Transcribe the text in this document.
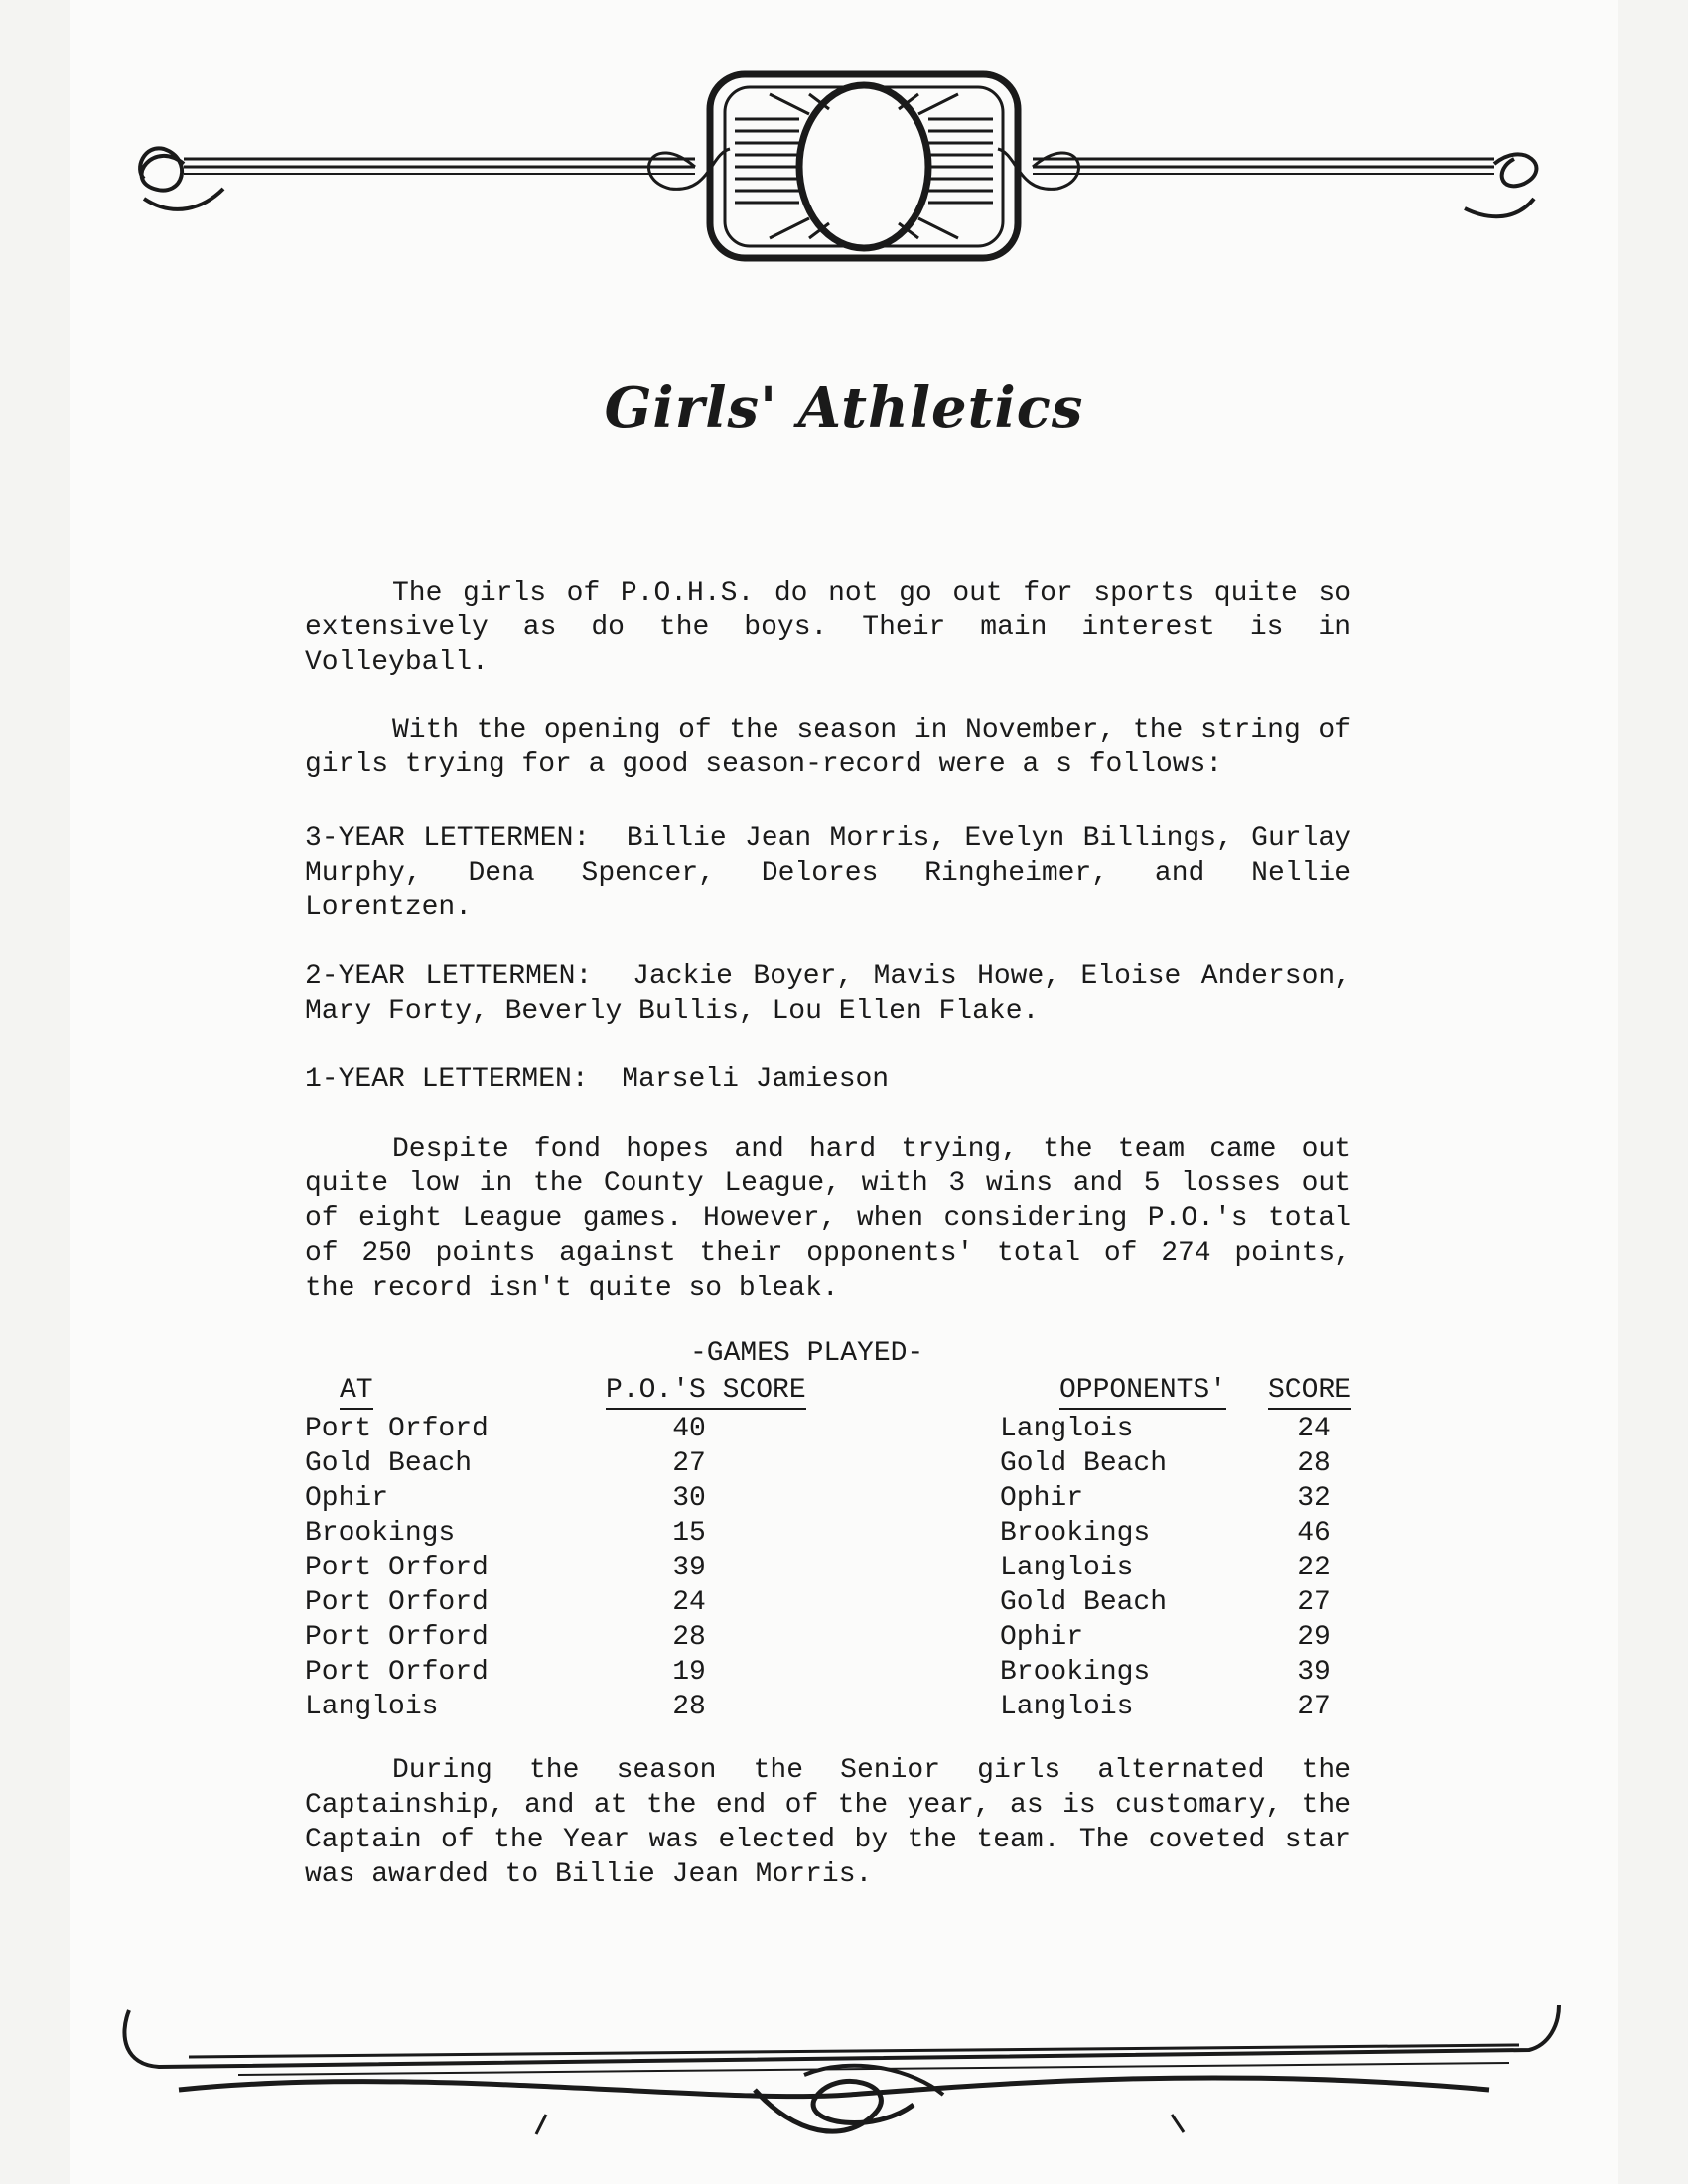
Girls' Athletics

The girls of P.O.H.S. do not go out for sports quite so extensively as do the boys. Their main interest is in Volleyball.

With the opening of the season in November, the string of girls trying for a good season-record were a s follows:

3-YEAR LETTERMEN: Billie Jean Morris, Evelyn Billings, Gurlay Murphy, Dena Spencer, Delores Ringheimer, and Nellie Lorentzen.

2-YEAR LETTERMEN: Jackie Boyer, Mavis Howe, Eloise Anderson, Mary Forty, Beverly Bullis, Lou Ellen Flake.

1-YEAR LETTERMEN: Marseli Jamieson

Despite fond hopes and hard trying, the team came out quite low in the County League, with 3 wins and 5 losses out of eight League games. However, when considering P.O.'s total of 250 points against their opponents' total of 274 points, the record isn't quite so bleak.

-GAMES PLAYED-
AT	P.O.'S SCORE	OPPONENTS' SCORE
Port Orford
Gold Beach
Ophir
Brookings
Port Orford
Port Orford
Port Orford
Port Orford
Langlois
40
27
30
15
39
24
28
19
28
Langlois
Gold Beach
Ophir
Brookings
Langlois
Gold Beach
Ophir
Brookings
Langlois
24
28
32
46
22
27
29
39
27

During the season the Senior girls alternated the Captainship, and at the end of the year, as is customary, the Captain of the Year was elected by the team. The coveted star was awarded to Billie Jean Morris.
